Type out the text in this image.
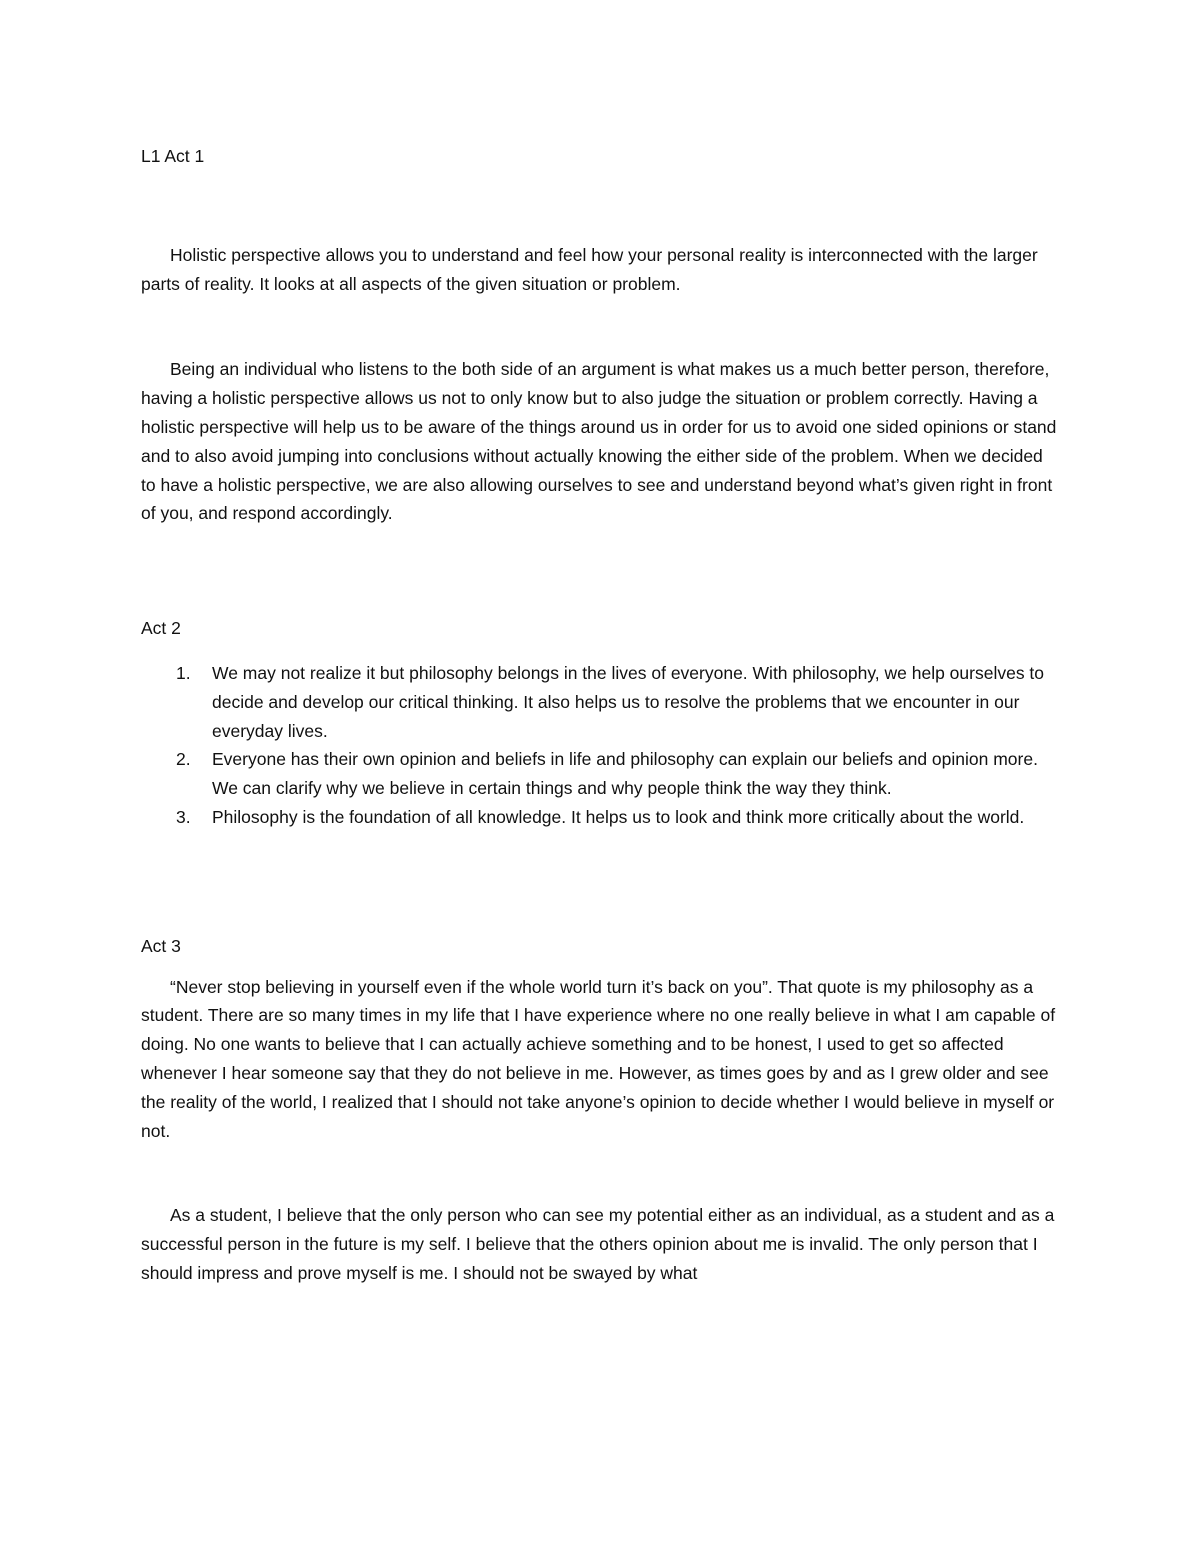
L1 Act 1

Holistic perspective allows you to understand and feel how your personal reality is interconnected with the larger parts of reality. It looks at all aspects of the given situation or problem.

Being an individual who listens to the both side of an argument is what makes us a much better person, therefore, having a holistic perspective allows us not to only know but to also judge the situation or problem correctly. Having a holistic perspective will help us to be aware of the things around us in order for us to avoid one sided opinions or stand and to also avoid jumping into conclusions without actually knowing the either side of the problem. When we decided to have a holistic perspective, we are also allowing ourselves to see and understand beyond what’s given right in front of you, and respond accordingly.

Act 2
1. We may not realize it but philosophy belongs in the lives of everyone. With philosophy, we help ourselves to decide and develop our critical thinking. It also helps us to resolve the problems that we encounter in our everyday lives.
2. Everyone has their own opinion and beliefs in life and philosophy can explain our beliefs and opinion more. We can clarify why we believe in certain things and why people think the way they think.
3. Philosophy is the foundation of all knowledge. It helps us to look and think more critically about the world.
Act 3

“Never stop believing in yourself even if the whole world turn it’s back on you”. That quote is my philosophy as a student. There are so many times in my life that I have experience where no one really believe in what I am capable of doing. No one wants to believe that I can actually achieve something and to be honest, I used to get so affected whenever I hear someone say that they do not believe in me. However, as times goes by and as I grew older and see the reality of the world, I realized that I should not take anyone’s opinion to decide whether I would believe in myself or not.

As a student, I believe that the only person who can see my potential either as an individual, as a student and as a successful person in the future is my self. I believe that the others opinion about me is invalid. The only person that I should impress and prove myself is me. I should not be swayed by what
